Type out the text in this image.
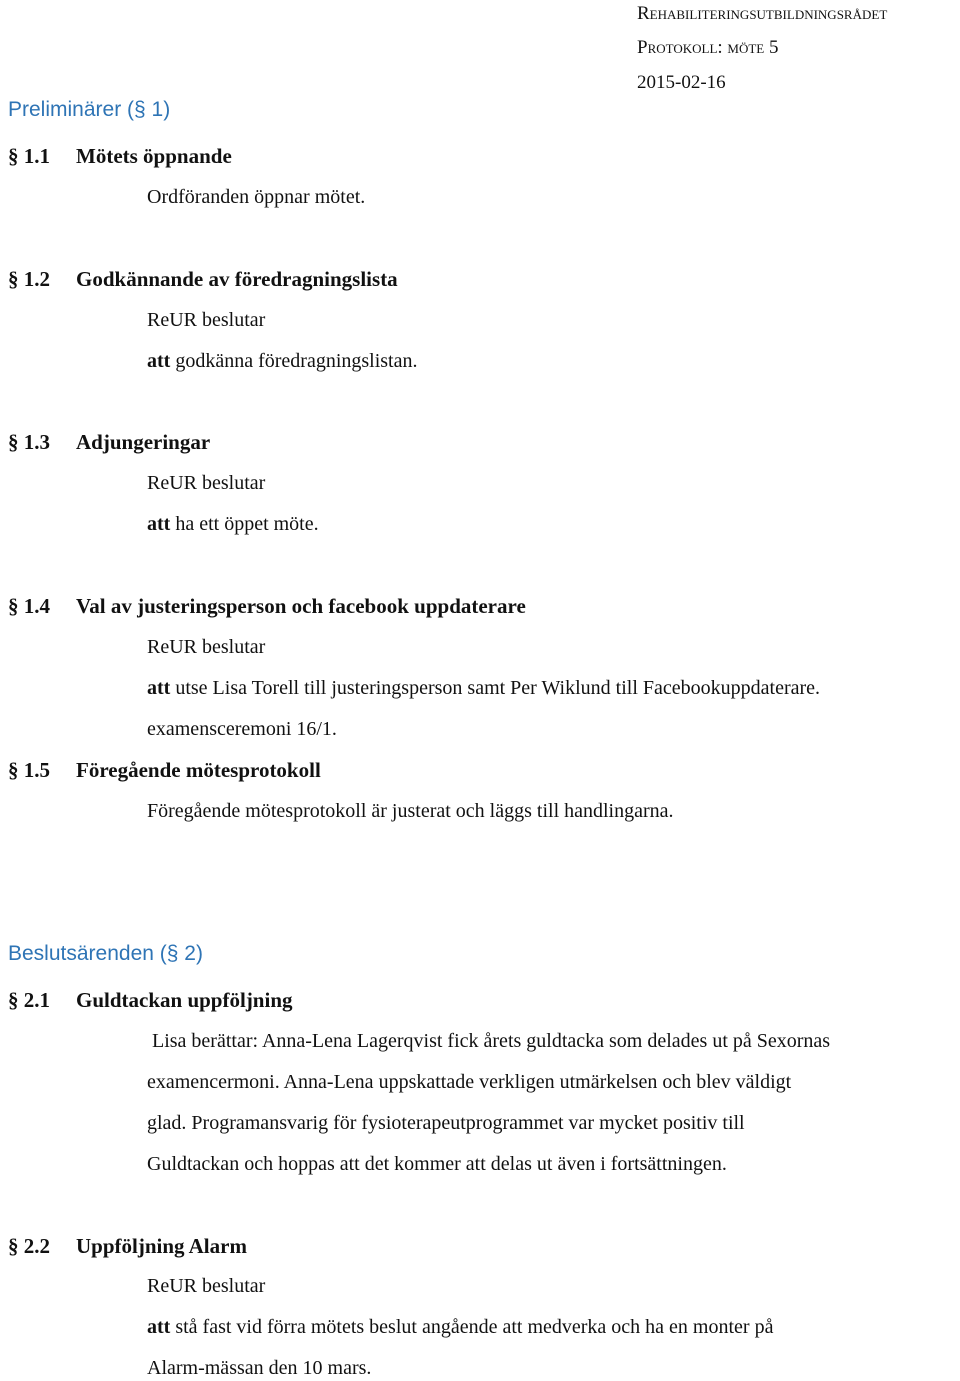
Rehabiliteringsutbildningsrådet
Protokoll: möte 5
2015-02-16
Preliminärer (§ 1)
§ 1.1 Mötets öppnande
Ordföranden öppnar mötet.
§ 1.2 Godkännande av föredragningslista
ReUR beslutar
att godkänna föredragningslistan.
§ 1.3 Adjungeringar
ReUR beslutar
att ha ett öppet möte.
§ 1.4 Val av justeringsperson och facebook uppdaterare
ReUR beslutar
att utse Lisa Torell till justeringsperson samt Per Wiklund till Facebookuppdaterare.
examensceremoni 16/1.
§ 1.5 Föregående mötesprotokoll
Föregående mötesprotokoll är justerat och läggs till handlingarna.
Beslutsärenden (§ 2)
§ 2.1 Guldtackan uppföljning
Lisa berättar: Anna-Lena Lagerqvist fick årets guldtacka som delades ut på Sexornas
examencermoni. Anna-Lena uppskattade verkligen utmärkelsen och blev väldigt
glad. Programansvarig för fysioterapeutprogrammet var mycket positiv till
Guldtackan och hoppas att det kommer att delas ut även i fortsättningen.
§ 2.2 Uppföljning Alarm
ReUR beslutar
att stå fast vid förra mötets beslut angående att medverka och ha en monter på
Alarm-mässan den 10 mars.
